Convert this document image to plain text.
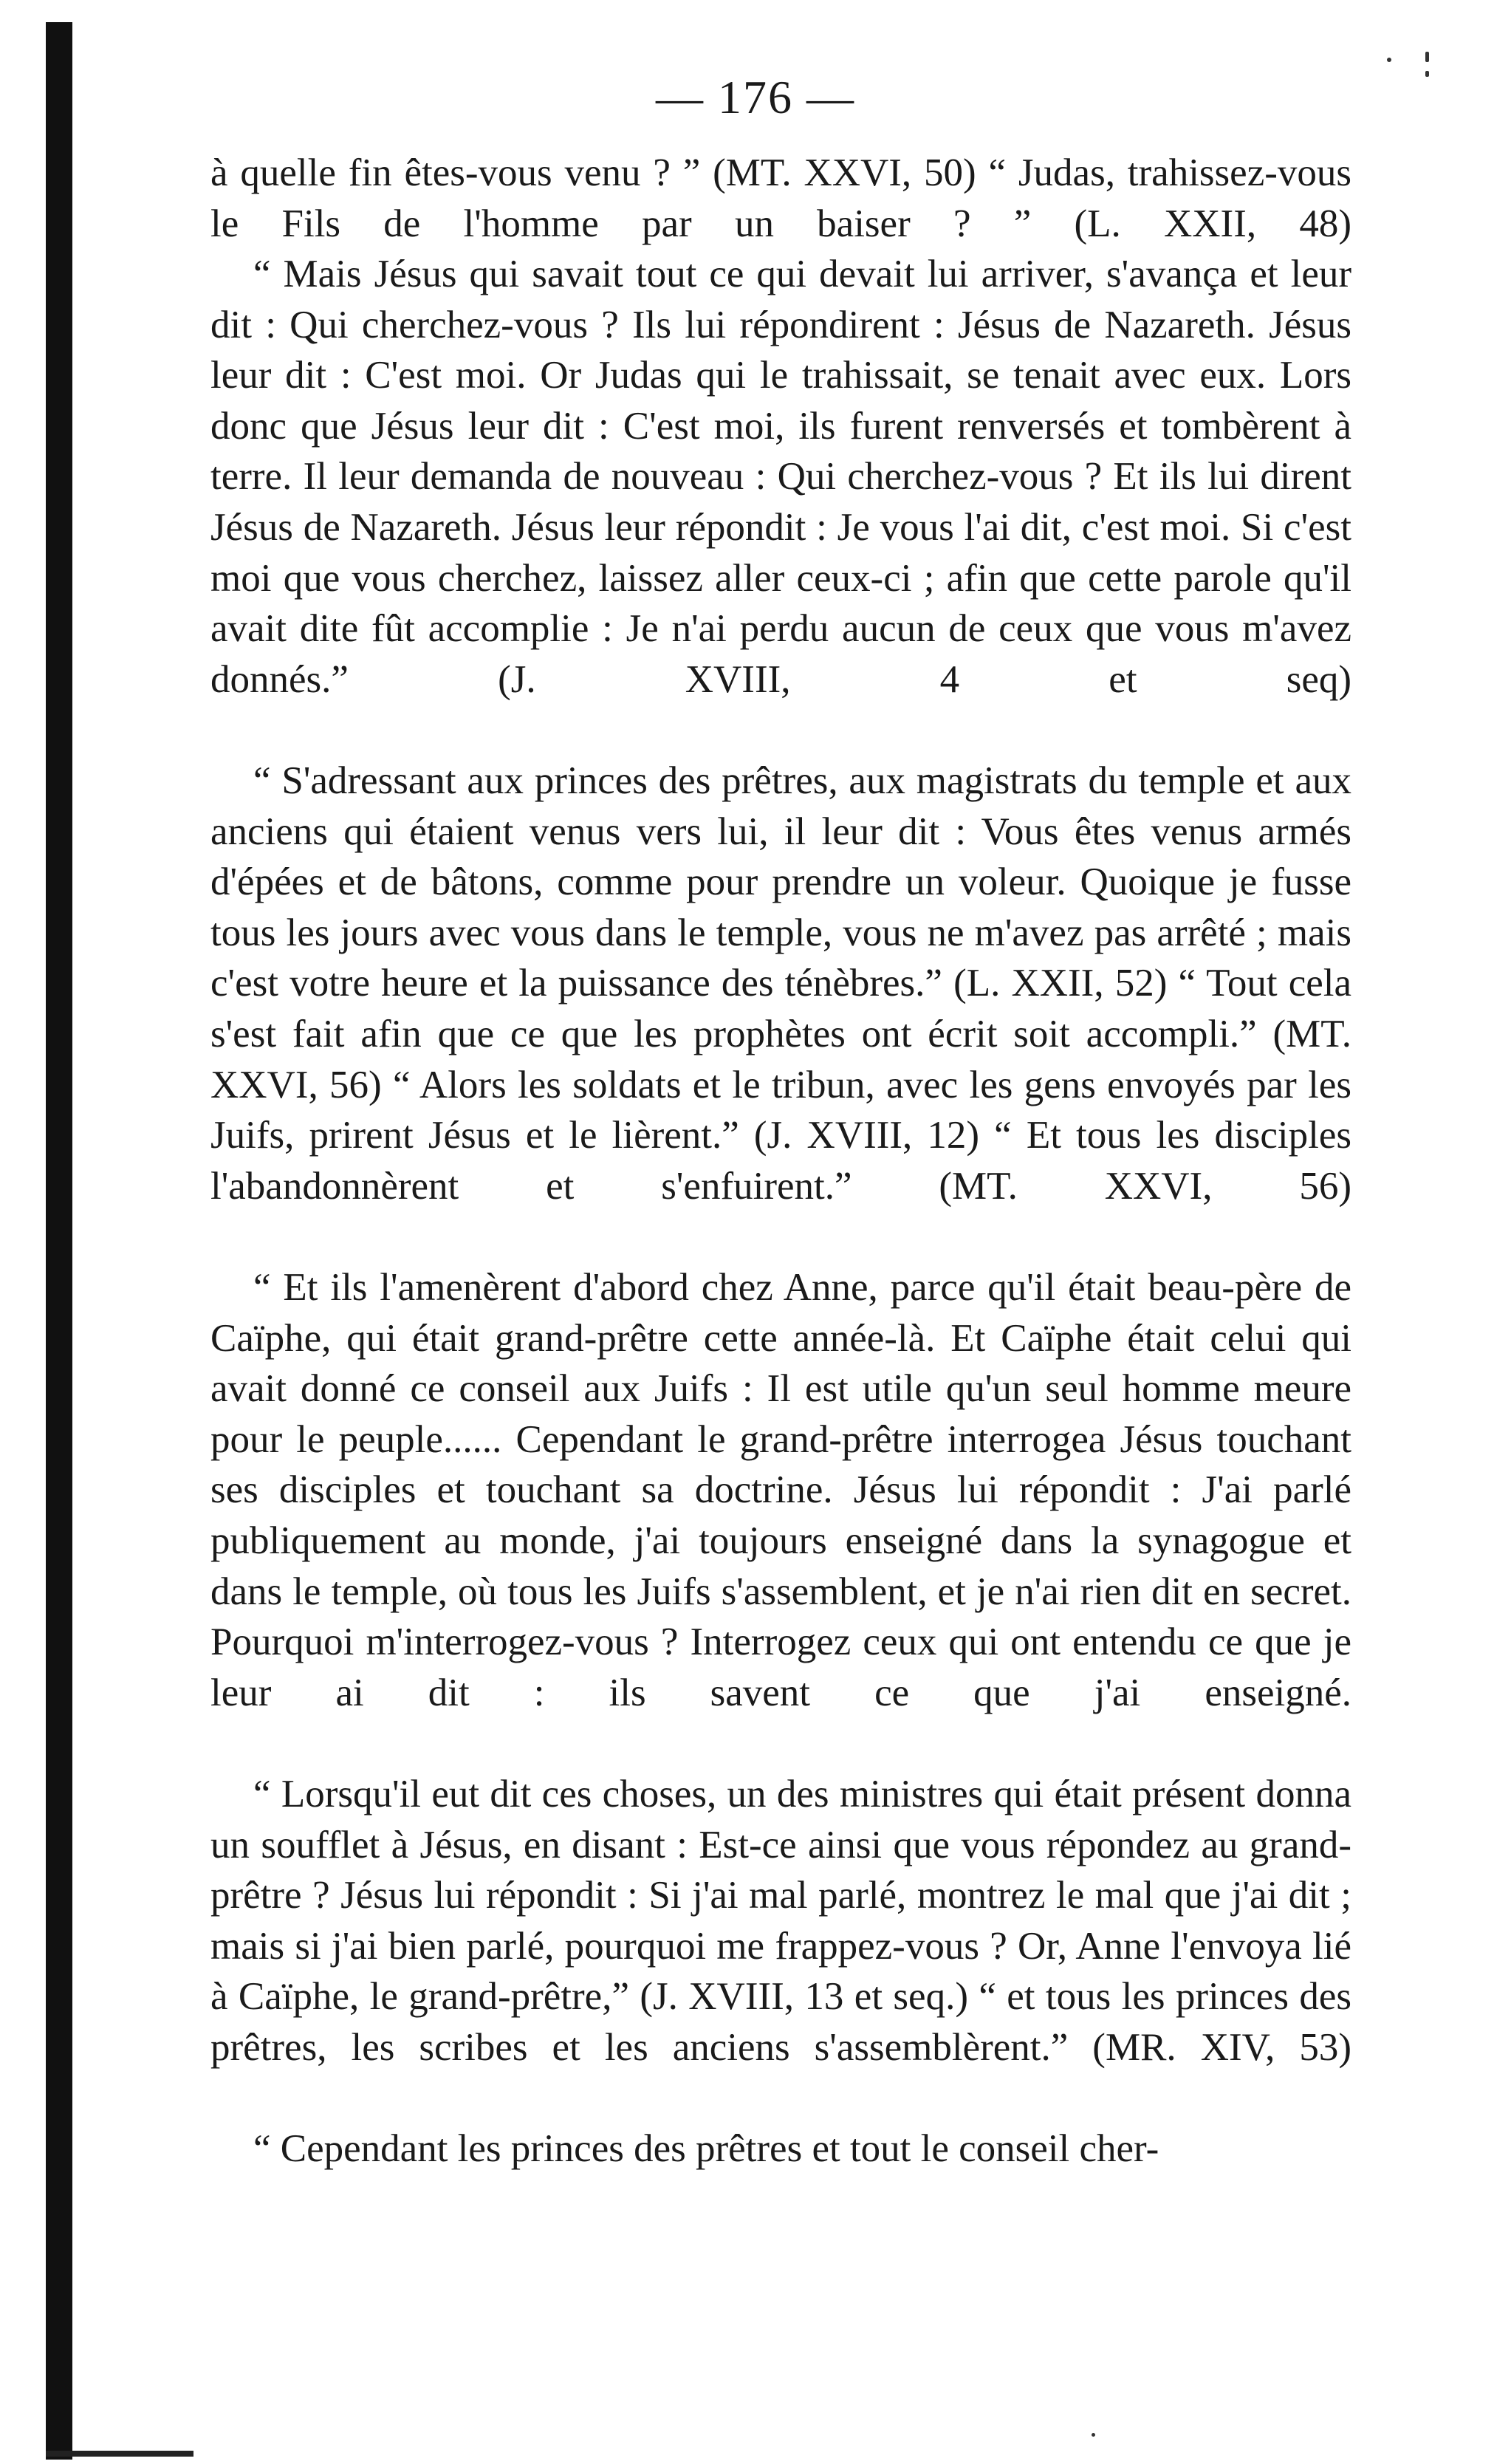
— 176 —

à quelle fin êtes-vous venu ? ” (MT. XXVI, 50) “ Judas, trahissez-vous le Fils de l'homme par un baiser ? ” (L. XXII, 48)

“ Mais Jésus qui savait tout ce qui devait lui arriver, s'avança et leur dit : Qui cherchez-vous ? Ils lui répondirent : Jésus de Nazareth. Jésus leur dit : C'est moi. Or Judas qui le trahissait, se tenait avec eux. Lors donc que Jésus leur dit : C'est moi, ils furent renversés et tombèrent à terre. Il leur demanda de nouveau : Qui cherchez-vous ? Et ils lui dirent Jésus de Nazareth. Jésus leur répondit : Je vous l'ai dit, c'est moi. Si c'est moi que vous cherchez, laissez aller ceux-ci ; afin que cette parole qu'il avait dite fût accomplie : Je n'ai perdu aucun de ceux que vous m'avez donnés.” (J. XVIII, 4 et seq)

“ S'adressant aux princes des prêtres, aux magistrats du temple et aux anciens qui étaient venus vers lui, il leur dit : Vous êtes venus armés d'épées et de bâtons, comme pour prendre un voleur. Quoique je fusse tous les jours avec vous dans le temple, vous ne m'avez pas arrêté ; mais c'est votre heure et la puissance des ténèbres.” (L. XXII, 52) “ Tout cela s'est fait afin que ce que les prophètes ont écrit soit accompli.” (MT. XXVI, 56) “ Alors les soldats et le tribun, avec les gens envoyés par les Juifs, prirent Jésus et le lièrent.” (J. XVIII, 12) “ Et tous les disciples l'abandonnèrent et s'enfuirent.” (MT. XXVI, 56)

“ Et ils l'amenèrent d'abord chez Anne, parce qu'il était beau-père de Caïphe, qui était grand-prêtre cette année-là. Et Caïphe était celui qui avait donné ce conseil aux Juifs : Il est utile qu'un seul homme meure pour le peuple...... Cependant le grand-prêtre interrogea Jésus touchant ses disciples et touchant sa doctrine. Jésus lui répondit : J'ai parlé publiquement au monde, j'ai toujours enseigné dans la synagogue et dans le temple, où tous les Juifs s'assemblent, et je n'ai rien dit en secret. Pourquoi m'interrogez-vous ? Interrogez ceux qui ont entendu ce que je leur ai dit : ils savent ce que j'ai enseigné.

“ Lorsqu'il eut dit ces choses, un des ministres qui était présent donna un soufflet à Jésus, en disant : Est-ce ainsi que vous répondez au grand-prêtre ? Jésus lui répondit : Si j'ai mal parlé, montrez le mal que j'ai dit ; mais si j'ai bien parlé, pourquoi me frappez-vous ? Or, Anne l'envoya lié à Caïphe, le grand-prêtre,” (J. XVIII, 13 et seq.) “ et tous les princes des prêtres, les scribes et les anciens s'assemblèrent.” (MR. XIV, 53)

“ Cependant les princes des prêtres et tout le conseil cher-
